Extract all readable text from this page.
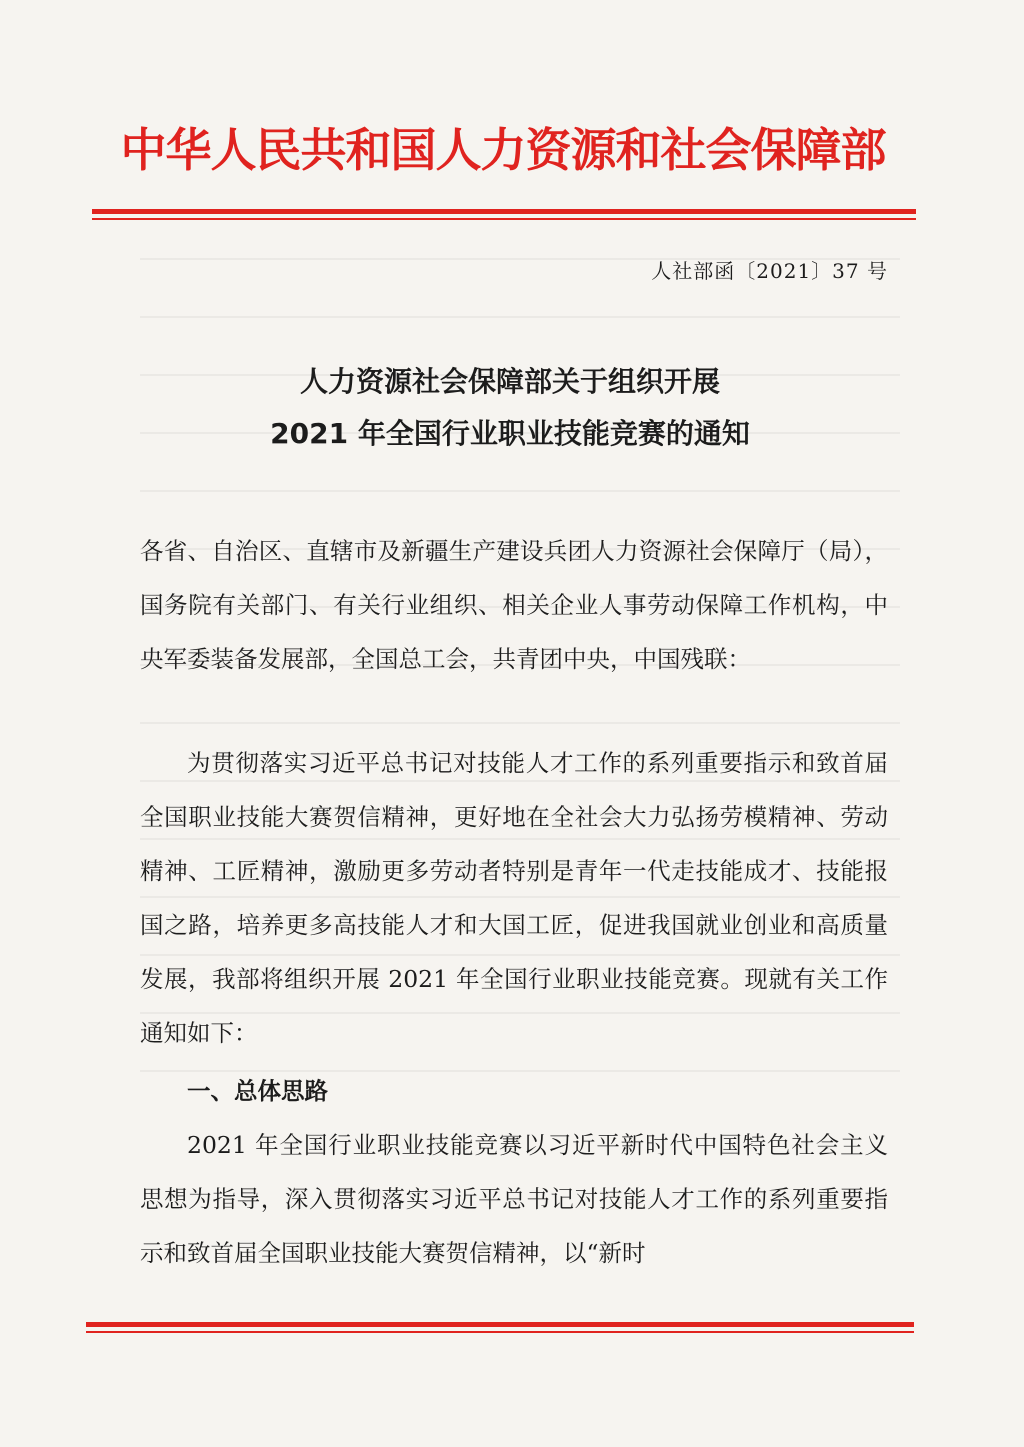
中华人民共和国人力资源和社会保障部
人社部函〔2021〕37 号
人力资源社会保障部关于组织开展
2021 年全国行业职业技能竞赛的通知
各省、自治区、直辖市及新疆生产建设兵团人力资源社会保障厅（局），国务院有关部门、有关行业组织、相关企业人事劳动保障工作机构，中央军委装备发展部，全国总工会，共青团中央，中国残联：
为贯彻落实习近平总书记对技能人才工作的系列重要指示和致首届全国职业技能大赛贺信精神，更好地在全社会大力弘扬劳模精神、劳动精神、工匠精神，激励更多劳动者特别是青年一代走技能成才、技能报国之路，培养更多高技能人才和大国工匠，促进我国就业创业和高质量发展，我部将组织开展 2021 年全国行业职业技能竞赛。现就有关工作通知如下：
一、总体思路
2021 年全国行业职业技能竞赛以习近平新时代中国特色社会主义思想为指导，深入贯彻落实习近平总书记对技能人才工作的系列重要指示和致首届全国职业技能大赛贺信精神，以“新时
